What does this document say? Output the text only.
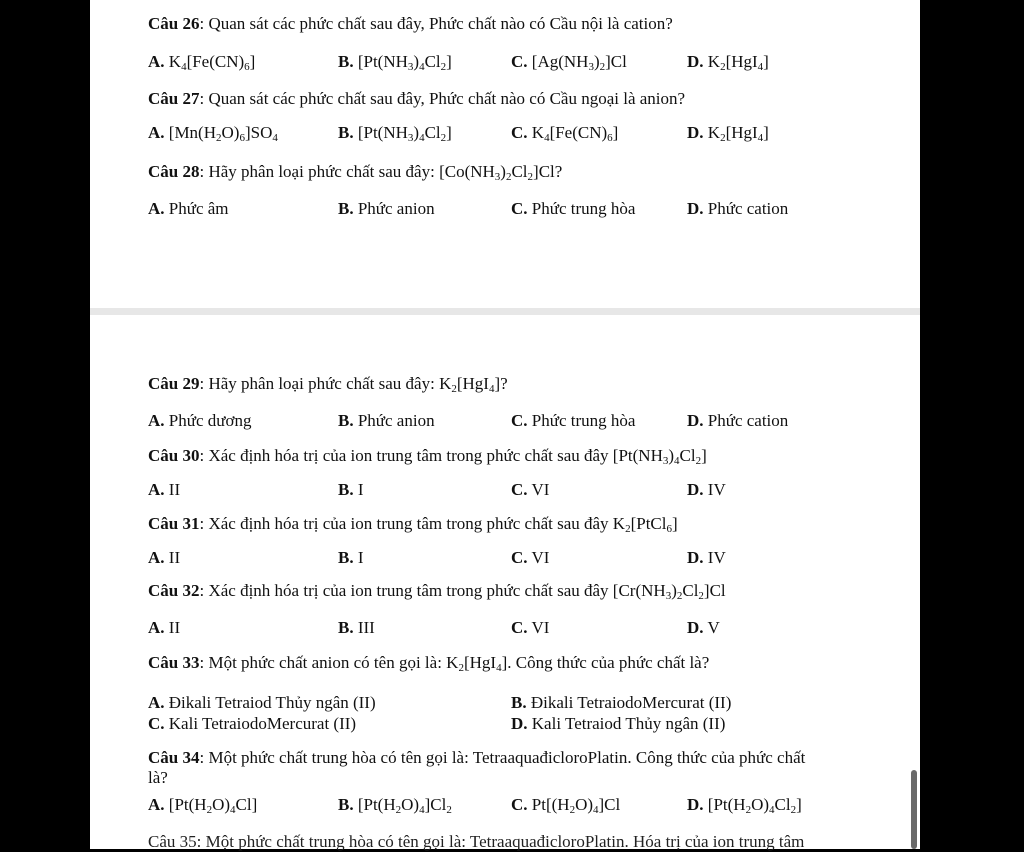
Câu 26: Quan sát các phức chất sau đây, Phức chất nào có Cầu nội là cation?
A. $K_4[Fe(CN)_6]$	B. $[Pt(NH_3)_4Cl_2]$	C. $[Ag(NH_3)_2]Cl$	D. $K_2[HgI_4]$
Câu 27: Quan sát các phức chất sau đây, Phức chất nào có Cầu ngoại là anion?
A. $[Mn(H_2O)_6]SO_4$	B. $[Pt(NH_3)_4Cl_2]$	C. $K_4[Fe(CN)_6]$	D. $K_2[HgI_4]$
Câu 28: Hãy phân loại phức chất sau đây: $[Co(NH_3)_2Cl_2]Cl$?
A. Phức âm	B. Phức anion	C. Phức trung hòa	D. Phức cation
Câu 29: Hãy phân loại phức chất sau đây: $K_2[HgI_4]$?
A. Phức dương	B. Phức anion	C. Phức trung hòa	D. Phức cation
Câu 30: Xác định hóa trị của ion trung tâm trong phức chất sau đây $[Pt(NH_3)_4Cl_2]$
A. II	B. I	C. VI	D. IV
Câu 31: Xác định hóa trị của ion trung tâm trong phức chất sau đây $K_2[PtCl_6]$
A. II	B. I	C. VI	D. IV
Câu 32: Xác định hóa trị của ion trung tâm trong phức chất sau đây $[Cr(NH_3)_2Cl_2]Cl$
A. II	B. III	C. VI	D. V
Câu 33: Một phức chất anion có tên gọi là: $K_2[HgI_4]$. Công thức của phức chất là?
A. Đikali Tetraiod Thủy ngân (II)	B. Đikali TetraiodoMercurat (II)
C. Kali TetraiodoMercurat (II)	D. Kali Tetraiod Thủy ngân (II)
Câu 34: Một phức chất trung hòa có tên gọi là: TetraaquađicloroPlatin. Công thức của phức chất
là?
A. $[Pt(H_2O)_4Cl]$	B. $[Pt(H_2O)_4]Cl_2$	C. $Pt[(H_2O)_4]Cl$	D. $[Pt(H_2O)_4Cl_2]$
Câu 35: Một phức chất trung hòa có tên gọi là: TetraaquađicloroPlatin. Hóa trị của ion trung tâm
